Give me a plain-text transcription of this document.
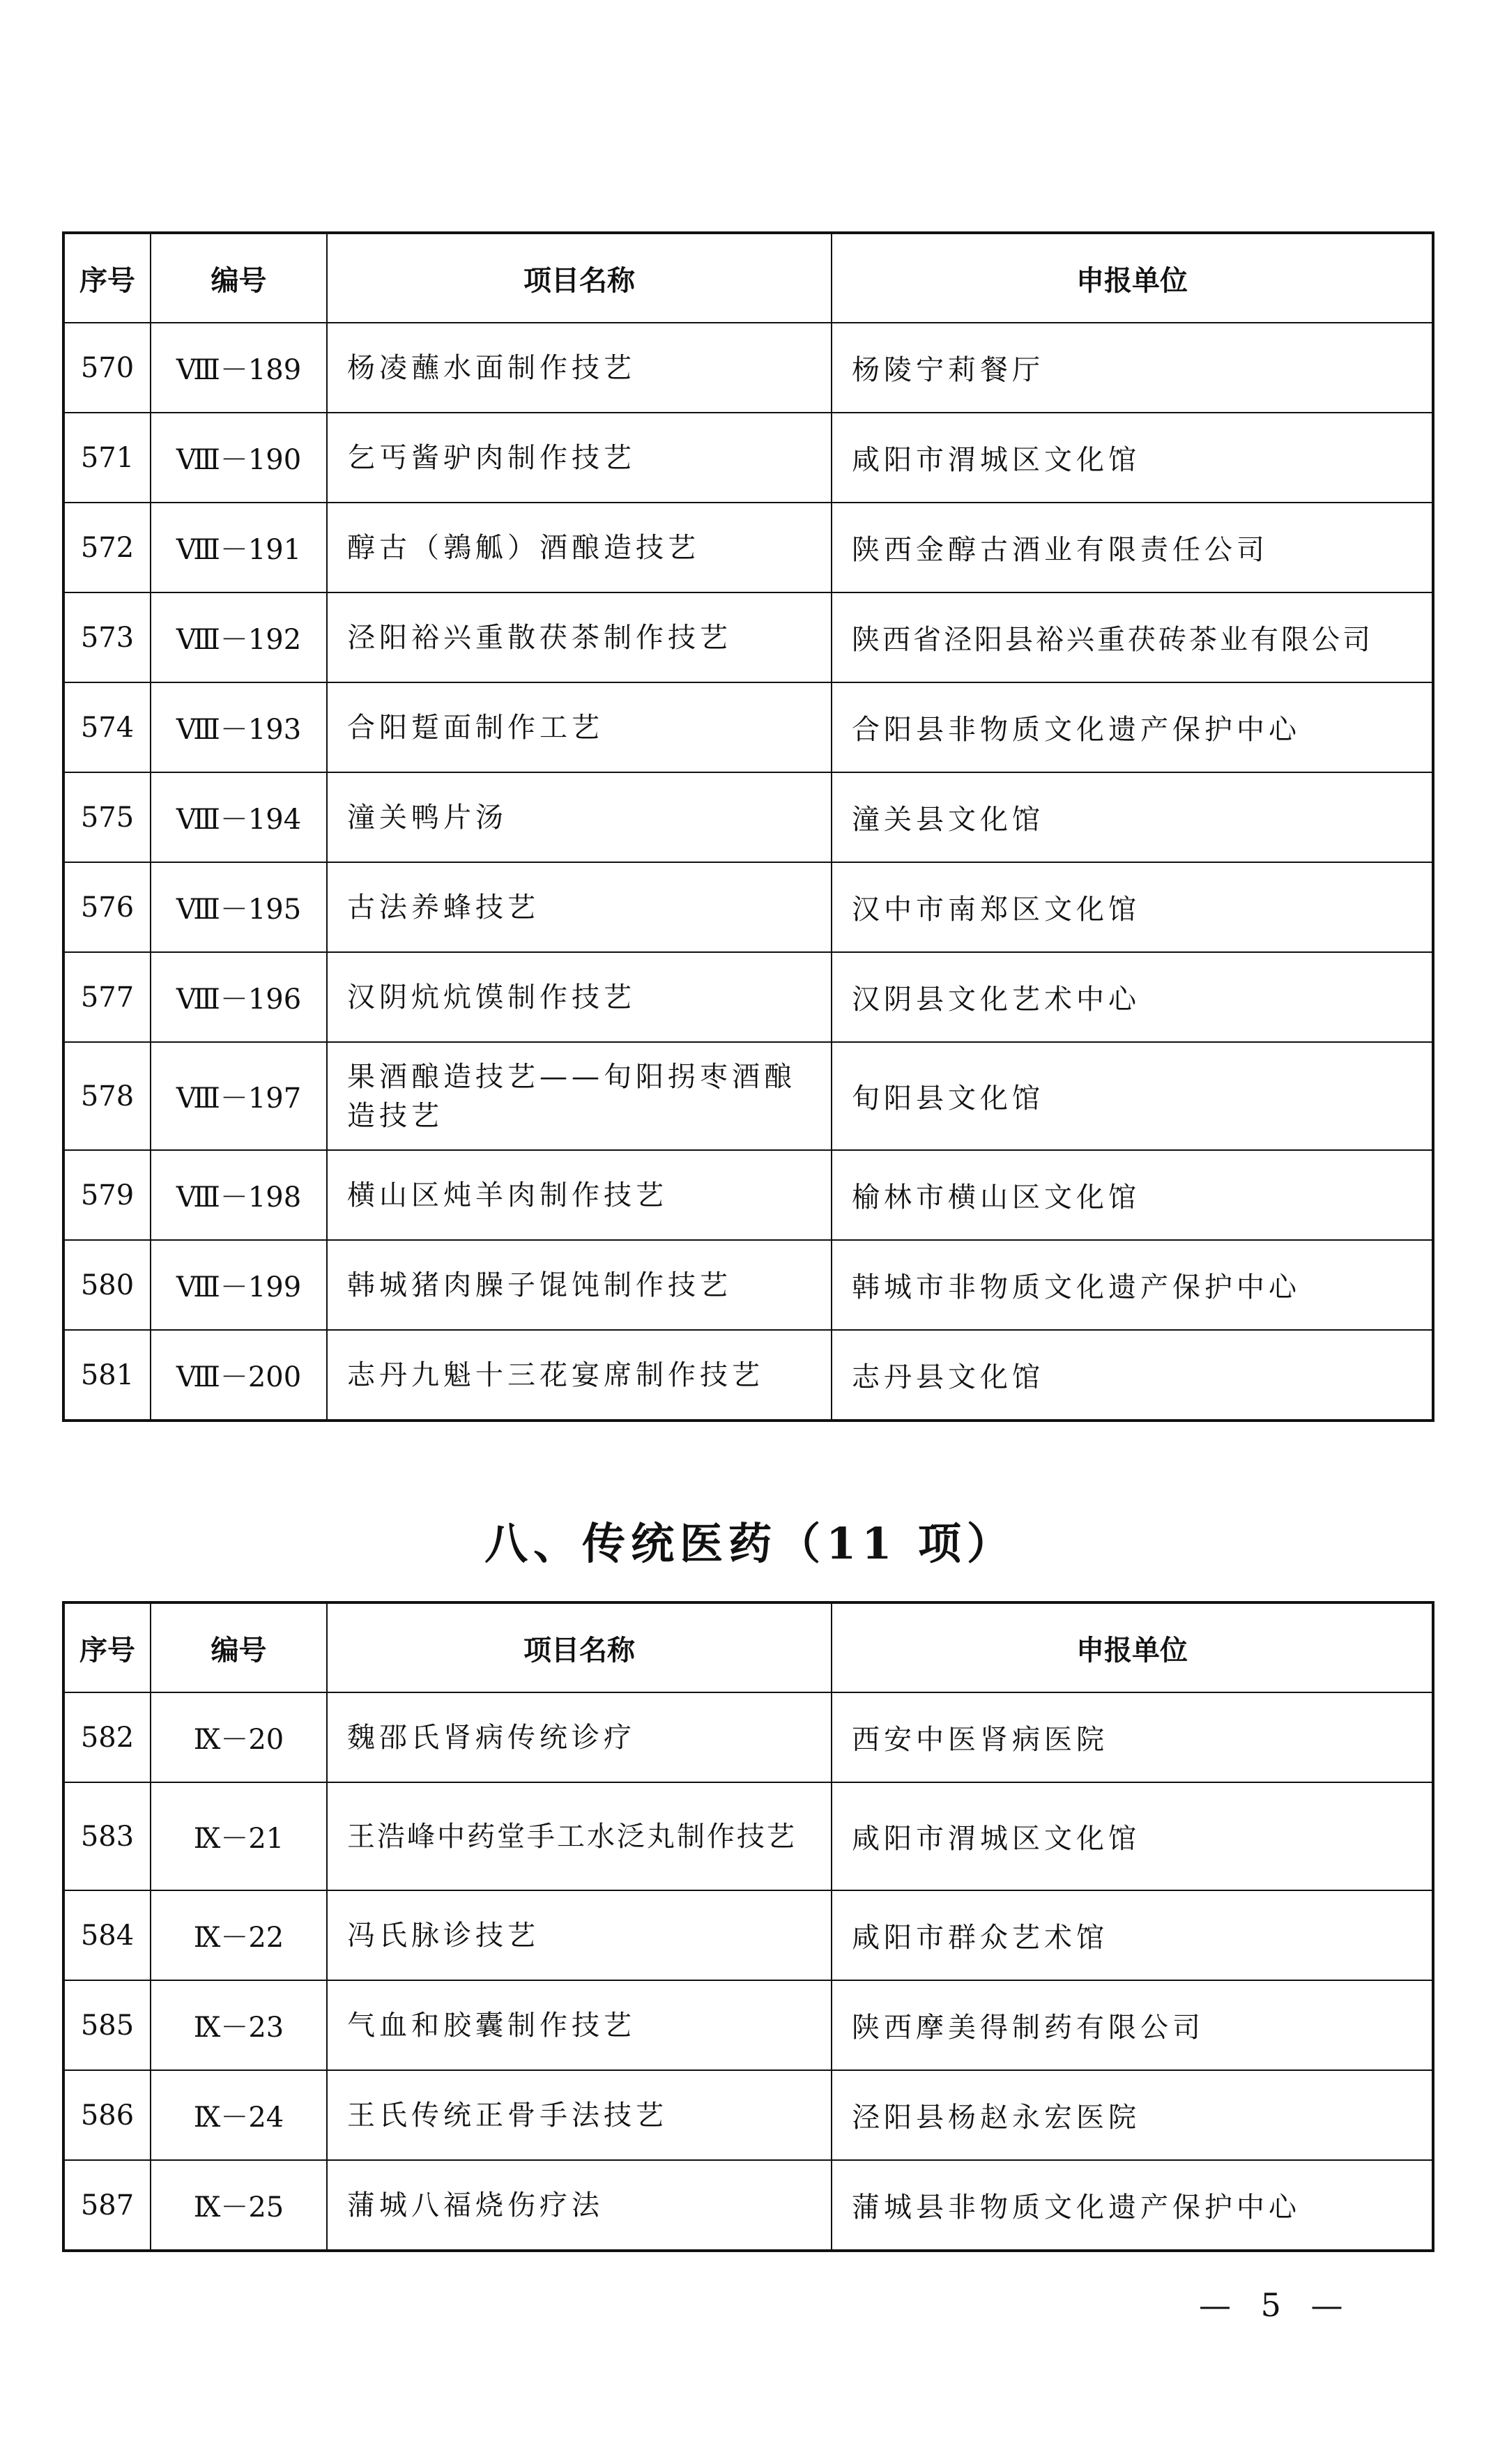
序号	编号	项目名称	申报单位
570	Ⅷ－189	杨凌蘸水面制作技艺	杨陵宁莉餐厅
571	Ⅷ－190	乞丐酱驴肉制作技艺	咸阳市渭城区文化馆
572	Ⅷ－191	醇古（鶉觚）酒酿造技艺	陕西金醇古酒业有限责任公司
573	Ⅷ－192	泾阳裕兴重散茯茶制作技艺	陕西省泾阳县裕兴重茯砖茶业有限公司
574	Ⅷ－193	合阳踅面制作工艺	合阳县非物质文化遗产保护中心
575	Ⅷ－194	潼关鸭片汤	潼关县文化馆
576	Ⅷ－195	古法养蜂技艺	汉中市南郑区文化馆
577	Ⅷ－196	汉阴炕炕馍制作技艺	汉阴县文化艺术中心
578	Ⅷ－197	果酒酿造技艺——旬阳拐枣酒酿造技艺	旬阳县文化馆
579	Ⅷ－198	横山区炖羊肉制作技艺	榆林市横山区文化馆
580	Ⅷ－199	韩城猪肉臊子馄饨制作技艺	韩城市非物质文化遗产保护中心
581	Ⅷ－200	志丹九魁十三花宴席制作技艺	志丹县文化馆
八、传统医药（11 项）
序号	编号	项目名称	申报单位
582	Ⅸ－20	魏邵氏肾病传统诊疗	西安中医肾病医院
583	Ⅸ－21	王浩峰中药堂手工水泛丸制作技艺	咸阳市渭城区文化馆
584	Ⅸ－22	冯氏脉诊技艺	咸阳市群众艺术馆
585	Ⅸ－23	气血和胶囊制作技艺	陕西摩美得制药有限公司
586	Ⅸ－24	王氏传统正骨手法技艺	泾阳县杨赵永宏医院
587	Ⅸ－25	蒲城八福烧伤疗法	蒲城县非物质文化遗产保护中心
— 5 —
